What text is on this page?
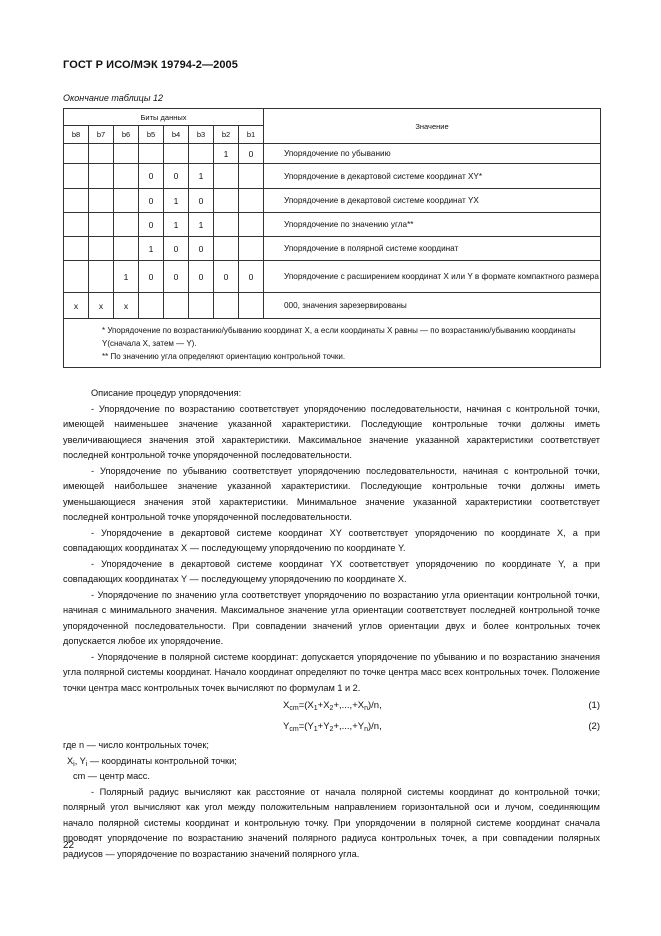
ГОСТ Р ИСО/МЭК 19794-2—2005
Окончание таблицы 12
Биты данных								Значение
b8	b7	b6	b5	b4	b3	b2	b1	
						1	0	Упорядочение по убыванию
			0	0	1			Упорядочение в декартовой системе координат XY*
			0	1	0			Упорядочение в декартовой системе координат YX
			0	1	1			Упорядочение по значению угла**
			1	0	0			Упорядочение в полярной системе координат
		1	0	0	0	0	0	Упорядочение с расширением координат X или Y в формате компактного размера
x	x	x						000, значения зарезервированы

* Упорядочение по возрастанию/убыванию координат X, а если координаты X равны — по возрастанию/убыванию координаты Y(сначала X, затем — Y).
** По значению угла определяют ориентацию контрольной точки.								

Описание процедур упорядочения:

- Упорядочение по возрастанию соответствует упорядочению последовательности, начиная с контрольной точки, имеющей наименьшее значение указанной характеристики. Последующие контрольные точки должны иметь увеличивающиеся значения этой характеристики. Максимальное значение указанной характеристики соответствует последней контрольной точке упорядоченной последовательности.

- Упорядочение по убыванию соответствует упорядочению последовательности, начиная с контрольной точки, имеющей наибольшее значение указанной характеристики. Последующие контрольные точки должны иметь уменьшающиеся значения этой характеристики. Минимальное значение указанной характеристики соответствует последней контрольной точке упорядоченной последовательности.

- Упорядочение в декартовой системе координат XY соответствует упорядочению по координате X, а при совпадающих координатах X — последующему упорядочению по координате Y.

- Упорядочение в декартовой системе координат YX соответствует упорядочению по координате Y, а при совпадающих координатах Y — последующему упорядочению по координате X.

- Упорядочение по значению угла соответствует упорядочению по возрастанию угла ориентации контрольной точки, начиная с минимального значения. Максимальное значение угла ориентации соответствует последней контрольной точке упорядоченной последовательности. При совпадении значений углов ориентации двух и более контрольных точек допускается любое их упорядочение.

- Упорядочение в полярной системе координат: допускается упорядочение по убыванию и по возрастанию значения угла полярной системы координат. Начало координат определяют по точке центра масс всех контрольных точек. Положение точки центра масс контрольных точек вычисляют по формулам 1 и 2.

$X_{cm}=(X_1+X_2+,...,+X_n)/n$,	(1)
$Y_{cm}=(Y_1+Y_2+,...,+Y_n)/n$,	(2)

где n — число контрольных точек;

$X_i$, $Y_i$ — координаты контрольной точки;

cm — центр масс.

- Полярный радиус вычисляют как расстояние от начала полярной системы координат до контрольной точки; полярный угол вычисляют как угол между положительным направлением горизонтальной оси и лучом, соединяющим начало полярной системы координат и контрольную точку. При упорядочении в полярной системе координат сначала проводят упорядочение по возрастанию значений полярного радиуса контрольных точек, а при совпадении полярных радиусов — упорядочение по возрастанию значений полярного угла.

22
